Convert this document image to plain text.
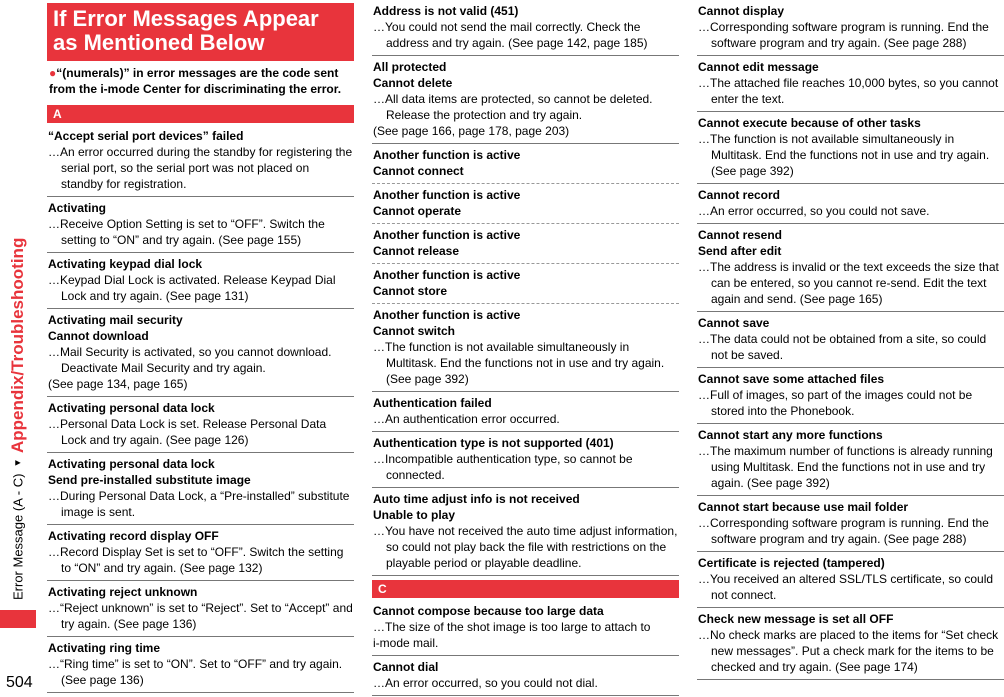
Error Message (A - C)
◂
Appendix/Troubleshooting
504
If Error Messages Appear as Mentioned Below
●“(numerals)” in error messages are the code sent from the i-mode Center for discriminating the error.
A
“Accept serial port devices” failed
…An error occurred during the standby for registering the serial port, so the serial port was not placed on standby for registration.
Activating
…Receive Option Setting is set to “OFF”. Switch the setting to “ON” and try again. (See page 155)
Activating keypad dial lock
…Keypad Dial Lock is activated. Release Keypad Dial Lock and try again. (See page 131)
Activating mail security
Cannot download
…Mail Security is activated, so you cannot download. Deactivate Mail Security and try again.
(See page 134, page 165)
Activating personal data lock
…Personal Data Lock is set. Release Personal Data Lock and try again. (See page 126)
Activating personal data lock
Send pre-installed substitute image
…During Personal Data Lock, a “Pre-installed” substitute image is sent.
Activating record display OFF
…Record Display Set is set to “OFF”. Switch the setting to “ON” and try again. (See page 132)
Activating reject unknown
…“Reject unknown” is set to “Reject”. Set to “Accept” and try again. (See page 136)
Activating ring time
…“Ring time” is set to “ON”. Set to “OFF” and try again. (See page 136)
Address is not valid (451)
…You could not send the mail correctly. Check the address and try again. (See page 142, page 185)
All protected
Cannot delete
…All data items are protected, so cannot be deleted. Release the protection and try again.
(See page 166, page 178, page 203)
Another function is active
Cannot connect
Another function is active
Cannot operate
Another function is active
Cannot release
Another function is active
Cannot store
Another function is active
Cannot switch
…The function is not available simultaneously in Multitask. End the functions not in use and try again. (See page 392)
Authentication failed
…An authentication error occurred.
Authentication type is not supported (401)
…Incompatible authentication type, so cannot be connected.
Auto time adjust info is not received
Unable to play
…You have not received the auto time adjust information, so could not play back the file with restrictions on the playable period or playable deadline.
C
Cannot compose because too large data
…The size of the shot image is too large to attach to
i-mode mail.
Cannot dial
…An error occurred, so you could not dial.
Cannot display
…Corresponding software program is running. End the software program and try again. (See page 288)
Cannot edit message
…The attached file reaches 10,000 bytes, so you cannot enter the text.
Cannot execute because of other tasks
…The function is not available simultaneously in Multitask. End the functions not in use and try again. (See page 392)
Cannot record
…An error occurred, so you could not save.
Cannot resend
Send after edit
…The address is invalid or the text exceeds the size that can be entered, so you cannot re-send. Edit the text again and send. (See page 165)
Cannot save
…The data could not be obtained from a site, so could not be saved.
Cannot save some attached files
…Full of images, so part of the images could not be stored into the Phonebook.
Cannot start any more functions
…The maximum number of functions is already running using Multitask. End the functions not in use and try again. (See page 392)
Cannot start because use mail folder
…Corresponding software program is running. End the software program and try again. (See page 288)
Certificate is rejected (tampered)
…You received an altered SSL/TLS certificate, so could not connect.
Check new message is set all OFF
…No check marks are placed to the items for “Set check new messages”. Put a check mark for the items to be checked and try again. (See page 174)
